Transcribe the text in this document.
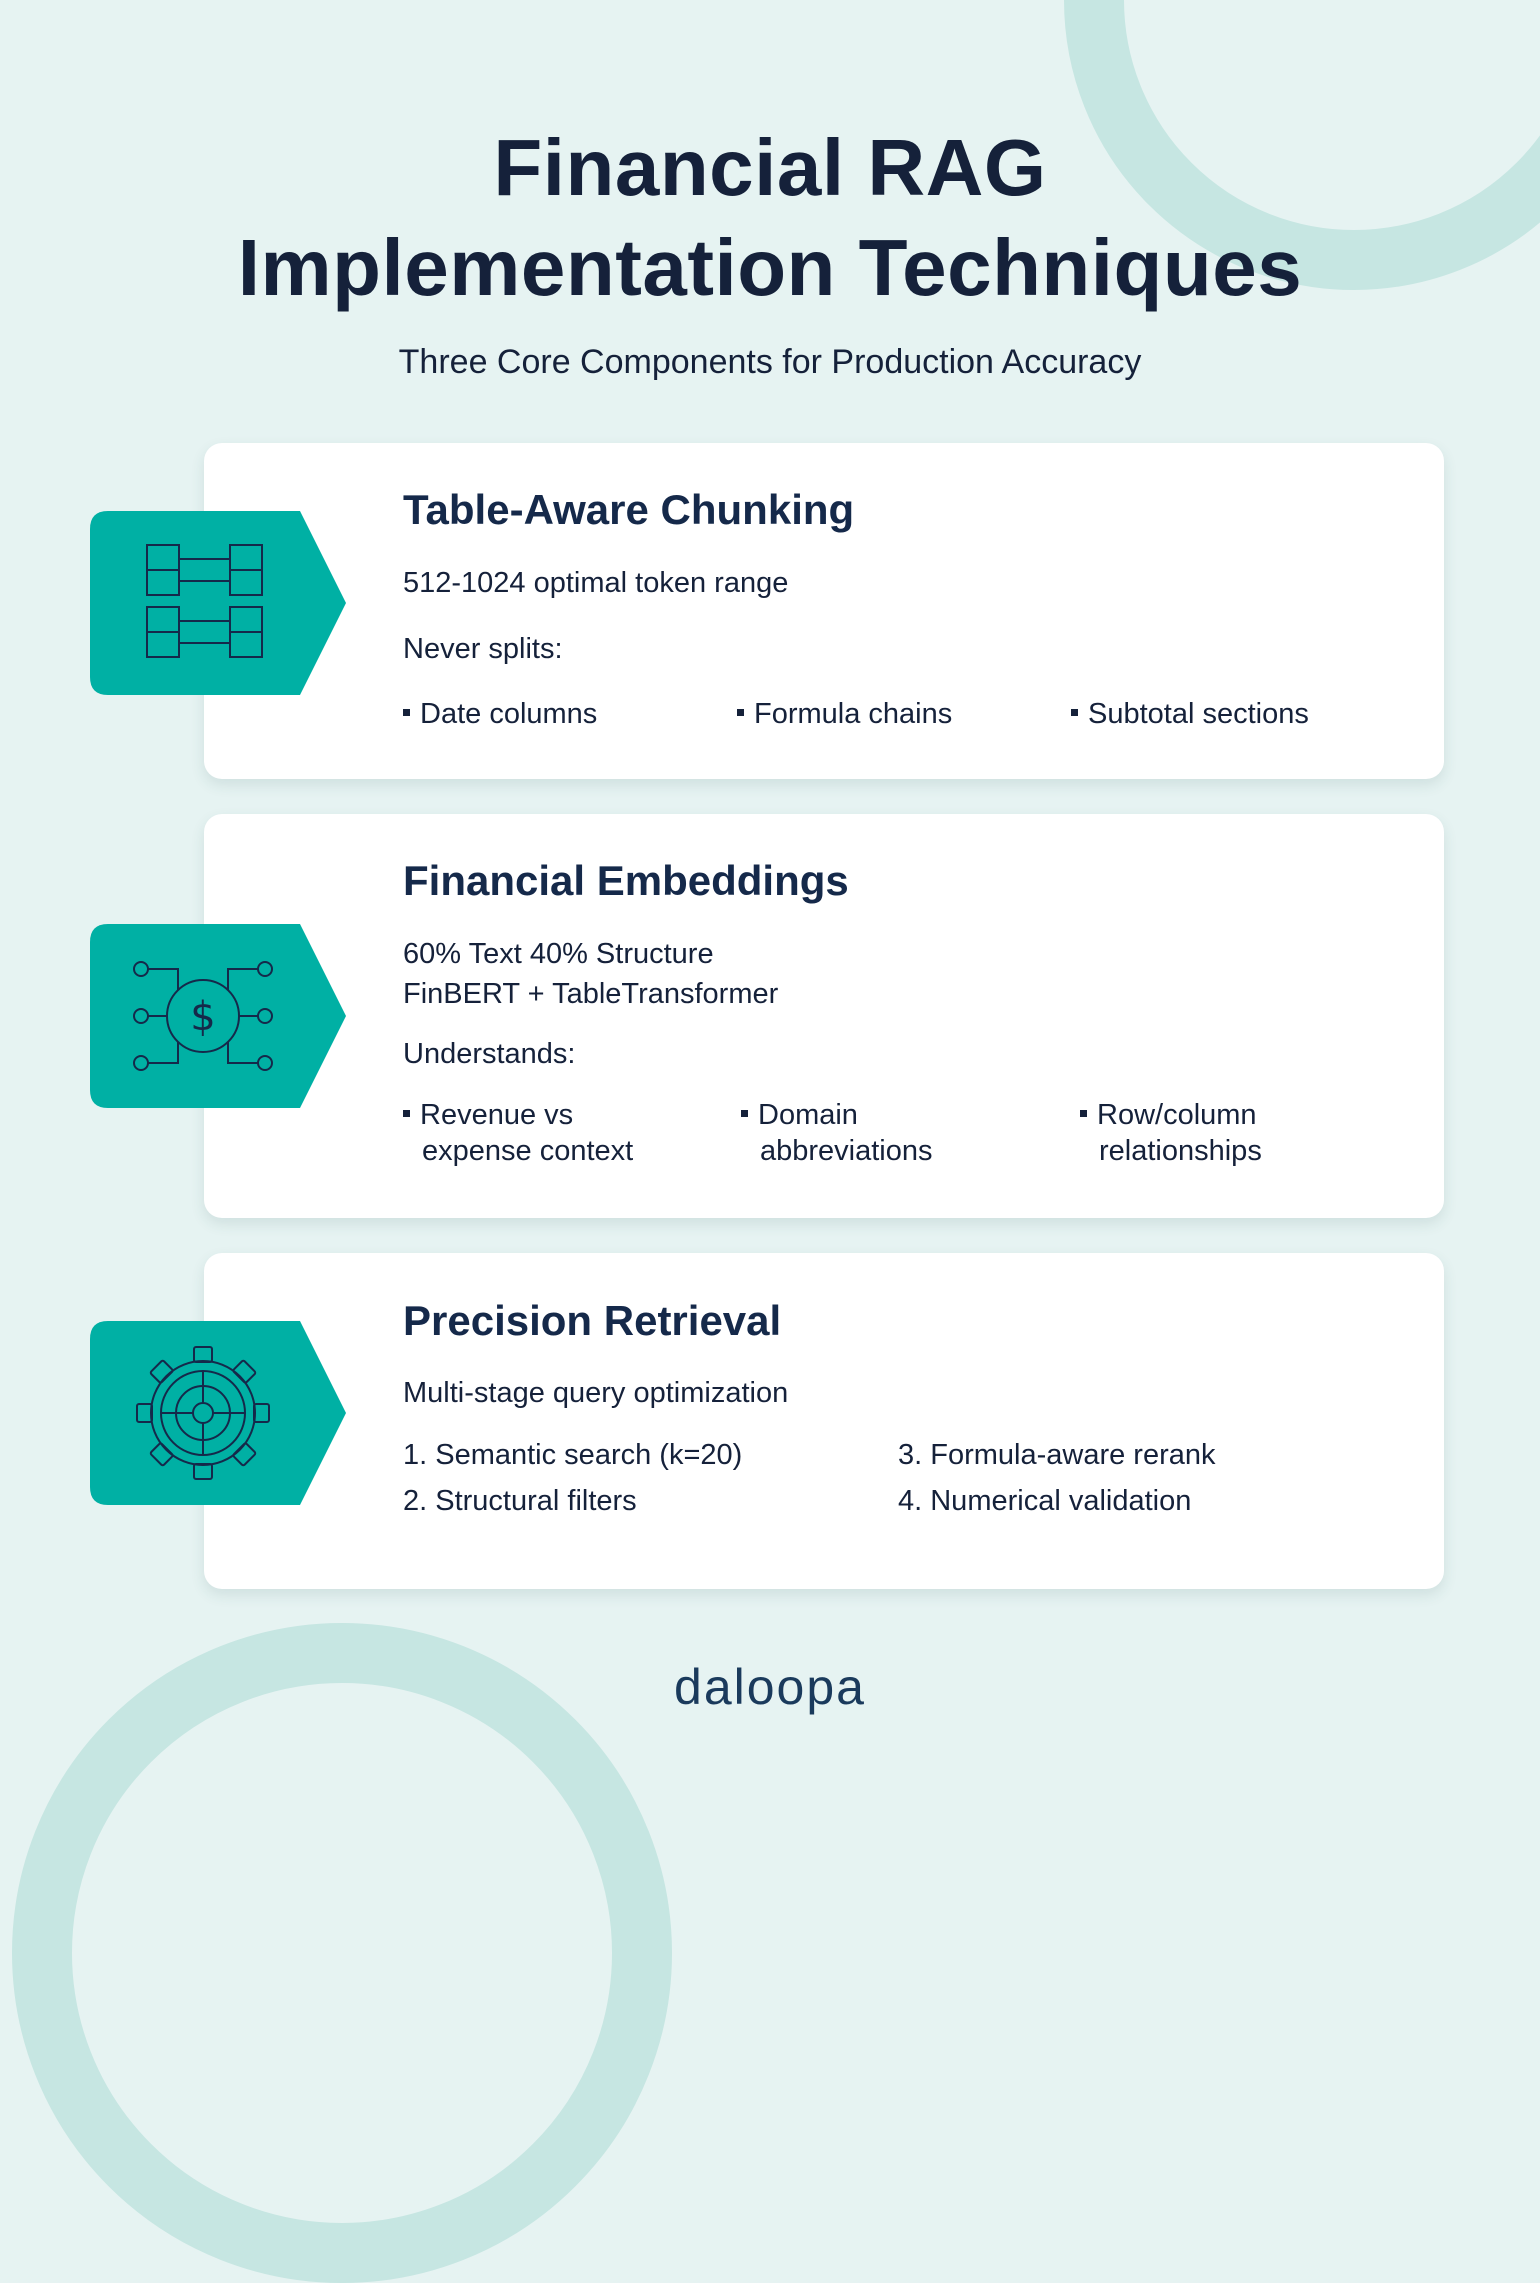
Financial RAG
Implementation Techniques
Three Core Components for Production Accuracy
Table-Aware Chunking
512-1024 optimal token range
Never splits:
Date columns	Formula chains	Subtotal sections
$
Financial Embeddings
60% Text 40% Structure
FinBERT + TableTransformer
Understands:
Revenue vs
expense context
Domain
abbreviations
Row/column
relationships
Precision Retrieval
Multi-stage query optimization
1. Semantic search (k=20)
2. Structural filters
3. Formula-aware rerank
4. Numerical validation
daloopa
